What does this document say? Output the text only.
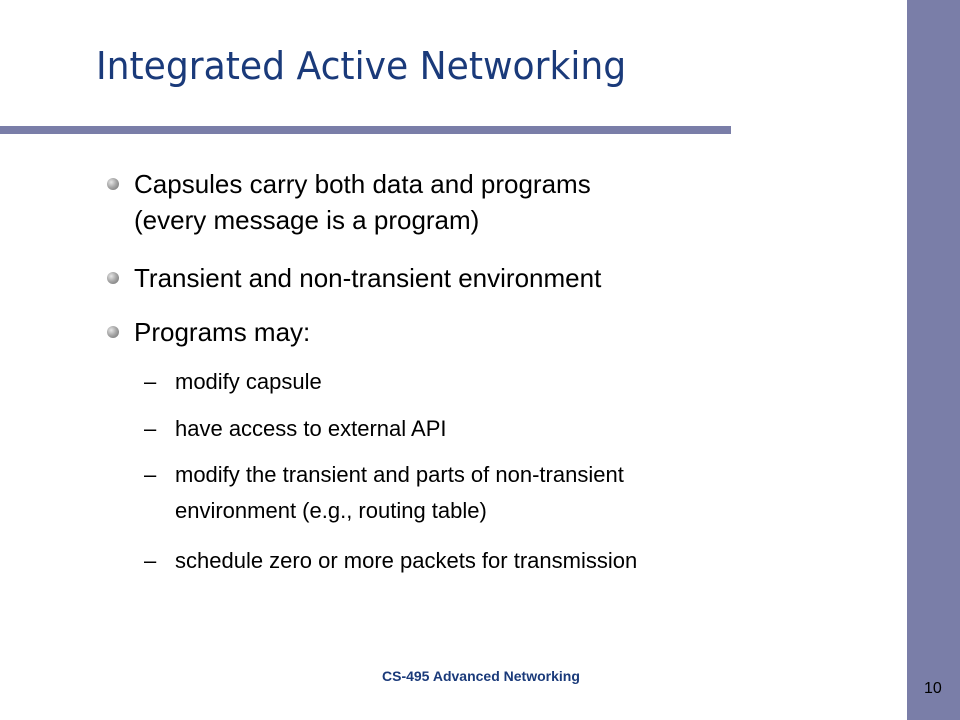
Integrated Active Networking
Capsules carry both data and programs
(every message is a program)
Transient and non-transient environment
Programs may:
– modify capsule
– have access to external API
– modify the transient and parts of non-transient
environment (e.g., routing table)
– schedule zero or more packets for transmission
CS-495 Advanced Networking
10
